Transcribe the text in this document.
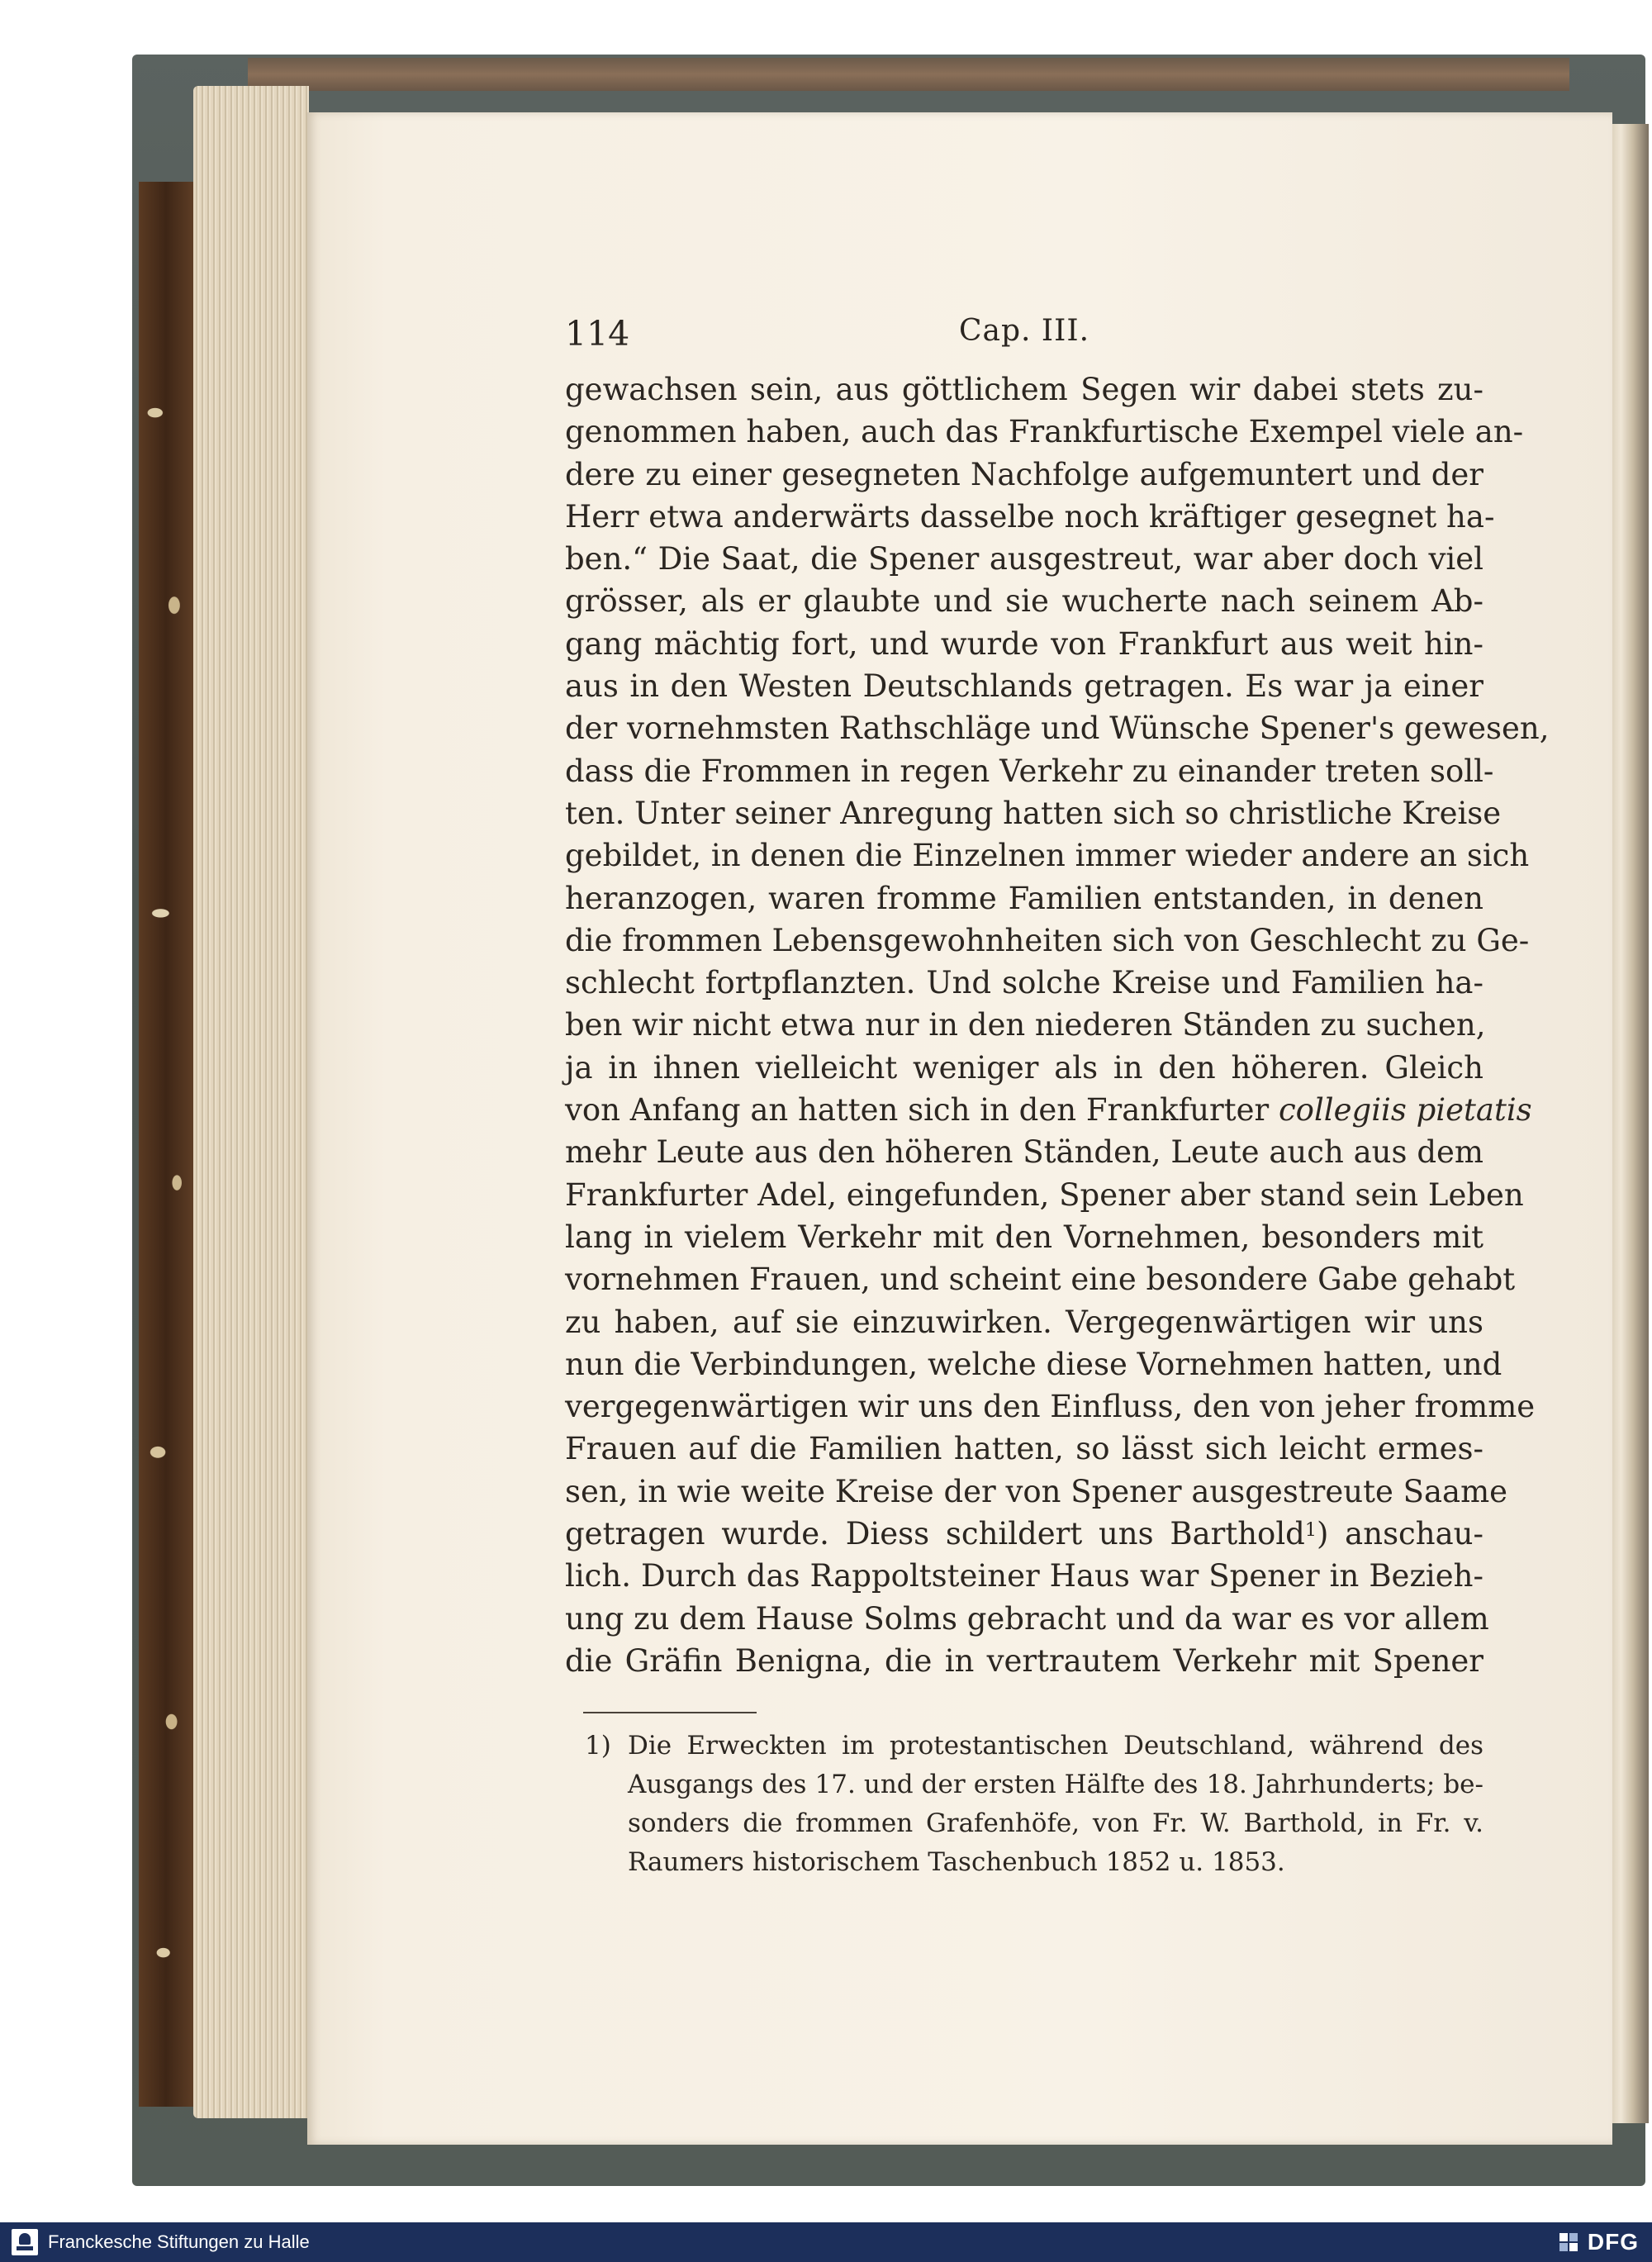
114	Cap. III.
gewachsen sein, aus göttlichem Segen wir dabei stets zu-
genommen haben, auch das Frankfurtische Exempel viele an-
dere zu einer gesegneten Nachfolge aufgemuntert und der
Herr etwa anderwärts dasselbe noch kräftiger gesegnet ha-
ben.“ Die Saat, die Spener ausgestreut, war aber doch viel
grösser, als er glaubte und sie wucherte nach seinem Ab-
gang mächtig fort, und wurde von Frankfurt aus weit hin-
aus in den Westen Deutschlands getragen. Es war ja einer
der vornehmsten Rathschläge und Wünsche Spener's gewesen,
dass die Frommen in regen Verkehr zu einander treten soll-
ten. Unter seiner Anregung hatten sich so christliche Kreise
gebildet, in denen die Einzelnen immer wieder andere an sich
heranzogen, waren fromme Familien entstanden, in denen
die frommen Lebensgewohnheiten sich von Geschlecht zu Ge-
schlecht fortpflanzten. Und solche Kreise und Familien ha-
ben wir nicht etwa nur in den niederen Ständen zu suchen,
ja in ihnen vielleicht weniger als in den höheren. Gleich
von Anfang an hatten sich in den Frankfurter collegiis pietatis
mehr Leute aus den höheren Ständen, Leute auch aus dem
Frankfurter Adel, eingefunden, Spener aber stand sein Leben
lang in vielem Verkehr mit den Vornehmen, besonders mit
vornehmen Frauen, und scheint eine besondere Gabe gehabt
zu haben, auf sie einzuwirken. Vergegenwärtigen wir uns
nun die Verbindungen, welche diese Vornehmen hatten, und
vergegenwärtigen wir uns den Einfluss, den von jeher fromme
Frauen auf die Familien hatten, so lässt sich leicht ermes-
sen, in wie weite Kreise der von Spener ausgestreute Saame
getragen wurde. Diess schildert uns Barthold$^1$) anschau-
lich. Durch das Rappoltsteiner Haus war Spener in Bezieh-
ung zu dem Hause Solms gebracht und da war es vor allem
die Gräfin Benigna, die in vertrautem Verkehr mit Spener
1) Die Erweckten im protestantischen Deutschland, während des
Ausgangs des 17. und der ersten Hälfte des 18. Jahrhunderts; be-
sonders die frommen Grafenhöfe, von Fr. W. Barthold, in Fr. v.
Raumers historischem Taschenbuch 1852 u. 1853.
Franckesche Stiftungen zu Halle	DFG
